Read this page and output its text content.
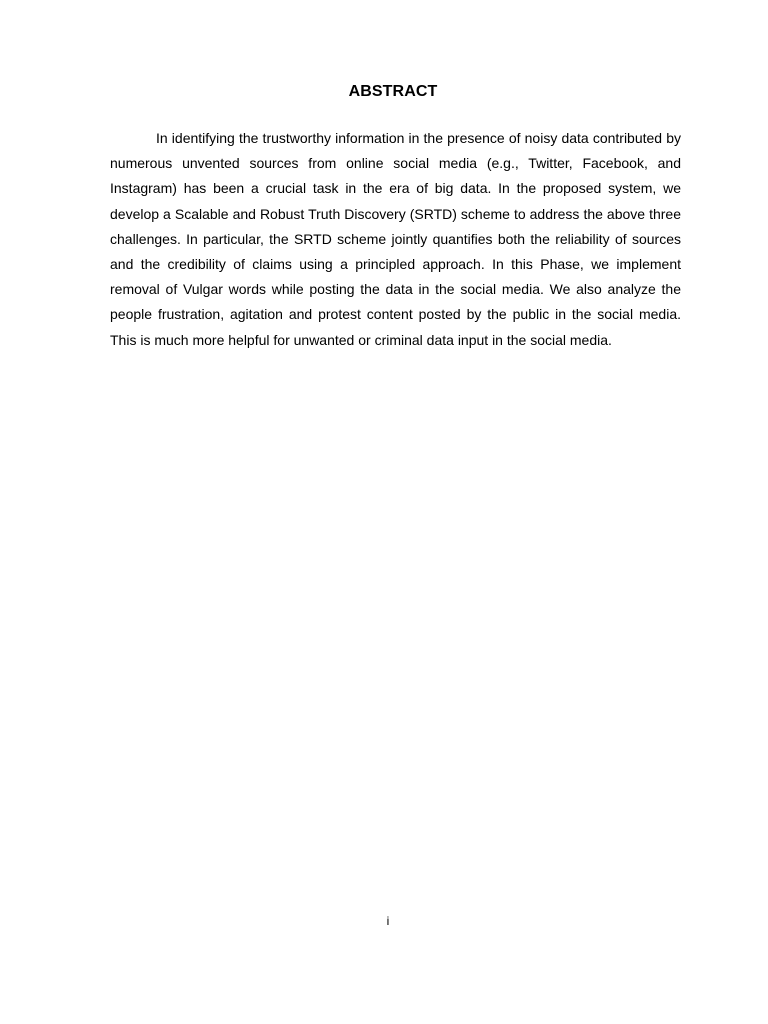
ABSTRACT

In identifying the trustworthy information in the presence of noisy data contributed by numerous unvented sources from online social media (e.g., Twitter, Facebook, and Instagram) has been a crucial task in the era of big data. In the proposed system, we develop a Scalable and Robust Truth Discovery (SRTD) scheme to address the above three challenges. In particular, the SRTD scheme jointly quantifies both the reliability of sources and the credibility of claims using a principled approach. In this Phase, we implement removal of Vulgar words while posting the data in the social media. We also analyze the people frustration, agitation and protest content posted by the public in the social media. This is much more helpful for unwanted or criminal data input in the social media.

i
